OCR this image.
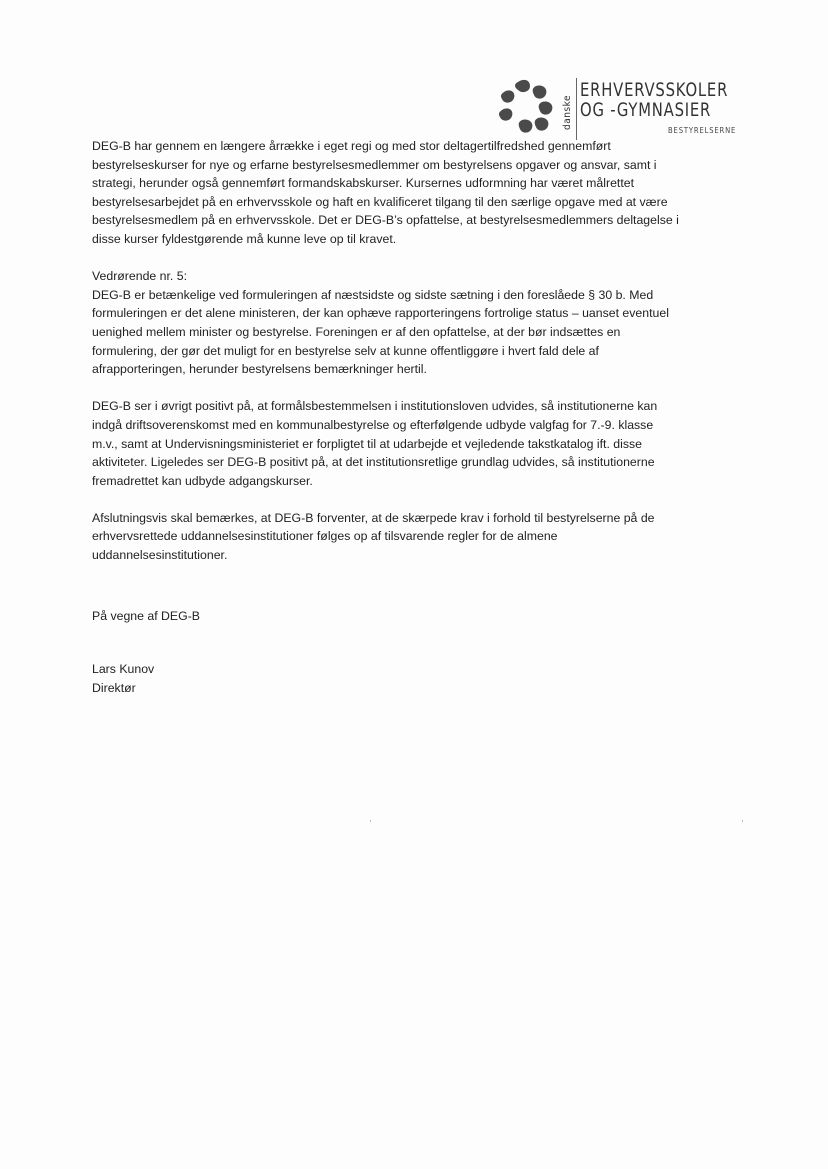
danske
ERHVERVSSKOLER
OG -GYMNASIER
BESTYRELSERNE

DEG-B har gennem en længere årrække i eget regi og med stor deltagertilfredshed gennemført
bestyrelseskurser for nye og erfarne bestyrelsesmedlemmer om bestyrelsens opgaver og ansvar, samt i
strategi, herunder også gennemført formandskabskurser. Kursernes udformning har været målrettet
bestyrelsesarbejdet på en erhvervsskole og haft en kvalificeret tilgang til den særlige opgave med at være
bestyrelsesmedlem på en erhvervsskole. Det er DEG-B’s opfattelse, at bestyrelsesmedlemmers deltagelse i
disse kurser fyldestgørende må kunne leve op til kravet.

Vedrørende nr. 5:

DEG-B er betænkelige ved formuleringen af næstsidste og sidste sætning i den foreslåede § 30 b. Med
formuleringen er det alene ministeren, der kan ophæve rapporteringens fortrolige status – uanset eventuel
uenighed mellem minister og bestyrelse. Foreningen er af den opfattelse, at der bør indsættes en
formulering, der gør det muligt for en bestyrelse selv at kunne offentliggøre i hvert fald dele af
afrapporteringen, herunder bestyrelsens bemærkninger hertil.

DEG-B ser i øvrigt positivt på, at formålsbestemmelsen i institutionsloven udvides, så institutionerne kan
indgå driftsoverenskomst med en kommunalbestyrelse og efterfølgende udbyde valgfag for 7.-9. klasse
m.v., samt at Undervisningsministeriet er forpligtet til at udarbejde et vejledende takstkatalog ift. disse
aktiviteter. Ligeledes ser DEG-B positivt på, at det institutionsretlige grundlag udvides, så institutionerne
fremadrettet kan udbyde adgangskurser.

Afslutningsvis skal bemærkes, at DEG-B forventer, at de skærpede krav i forhold til bestyrelserne på de
erhvervsrettede uddannelsesinstitutioner følges op af tilsvarende regler for de almene
uddannelsesinstitutioner.

På vegne af DEG-B
Lars Kunov
Direktør
